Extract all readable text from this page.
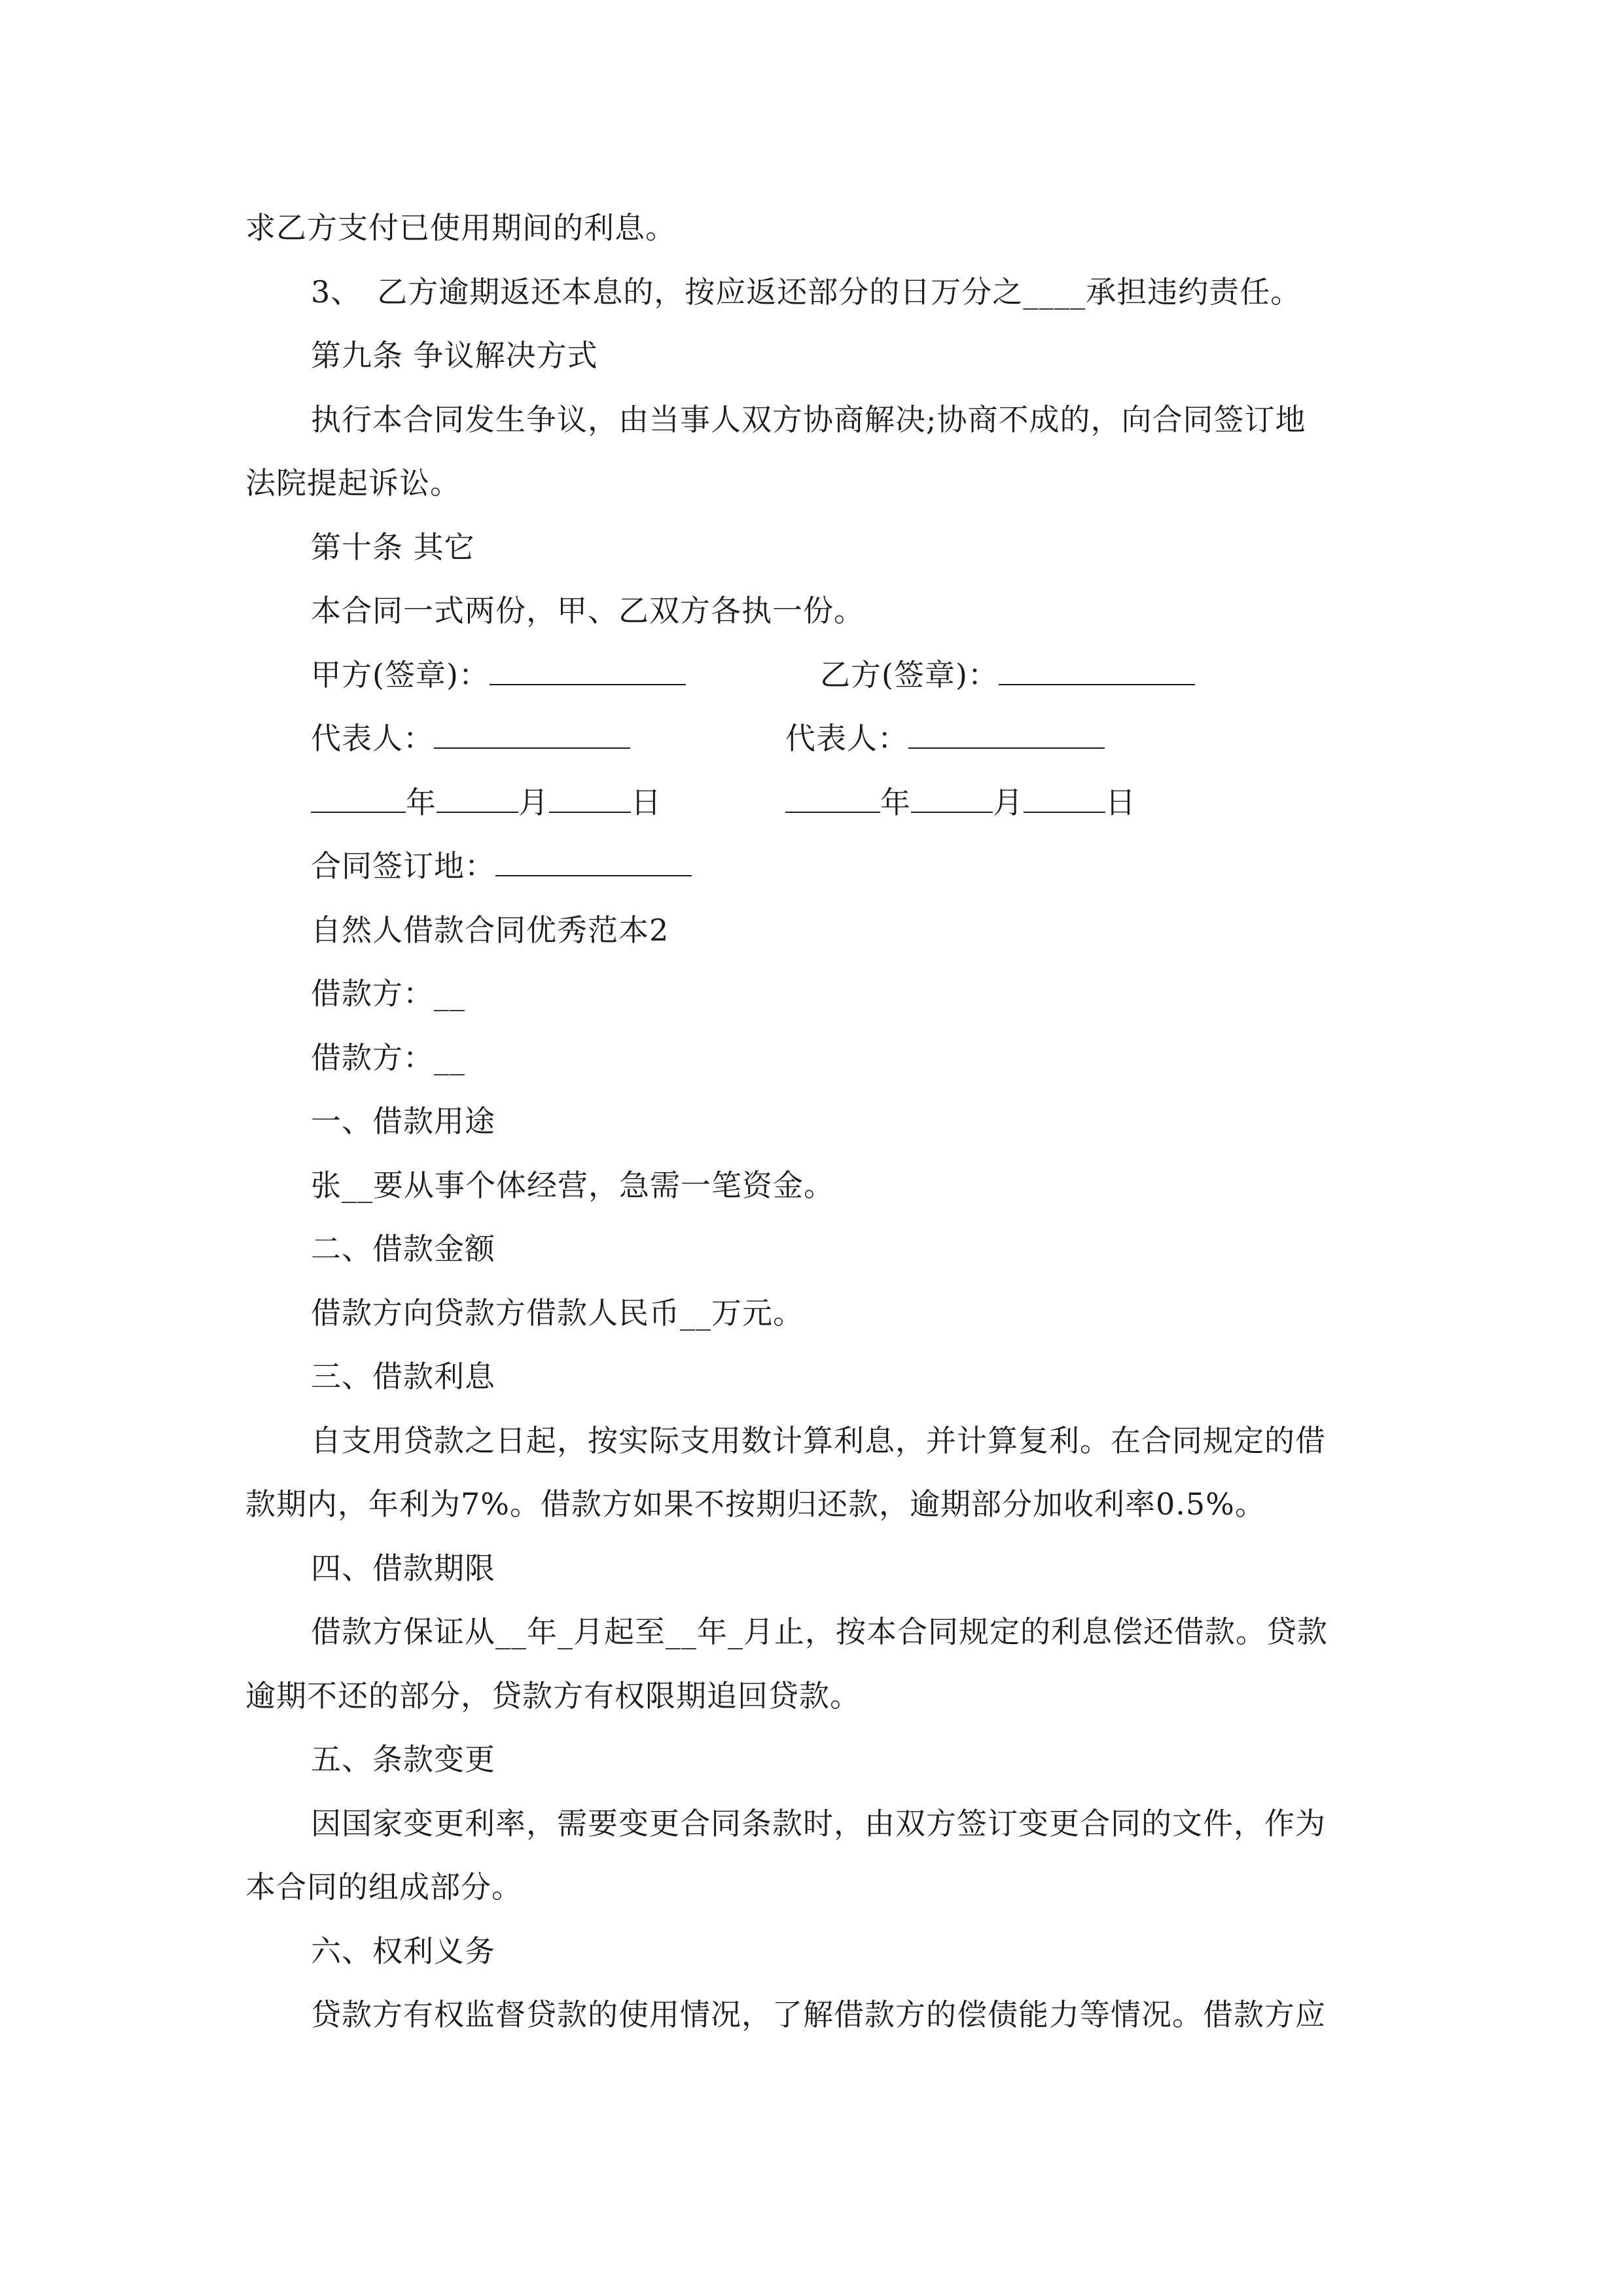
求乙方支付已使用期间的利息。
3、　乙方逾期返还本息的，按应返还部分的日万分之____承担违约责任。
第九条 争议解决方式
执行本合同发生争议，由当事人双方协商解决;协商不成的，向合同签订地
法院提起诉讼。
第十条 其它
本合同一式两份，甲、乙双方各执一份。
甲方(签章)：	乙方(签章)：
代表人：	代表人：
年	月	日	年	月	日
合同签订地：
自然人借款合同优秀范本2
借款方：__
借款方：__
一、借款用途
张__要从事个体经营，急需一笔资金。
二、借款金额
借款方向贷款方借款人民币__万元。
三、借款利息
自支用贷款之日起，按实际支用数计算利息，并计算复利。在合同规定的借
款期内，年利为7%。借款方如果不按期归还款，逾期部分加收利率0.5%。
四、借款期限
借款方保证从__年_月起至__年_月止，按本合同规定的利息偿还借款。贷款
逾期不还的部分，贷款方有权限期追回贷款。
五、条款变更
因国家变更利率，需要变更合同条款时，由双方签订变更合同的文件，作为
本合同的组成部分。
六、权利义务
贷款方有权监督贷款的使用情况，了解借款方的偿债能力等情况。借款方应
